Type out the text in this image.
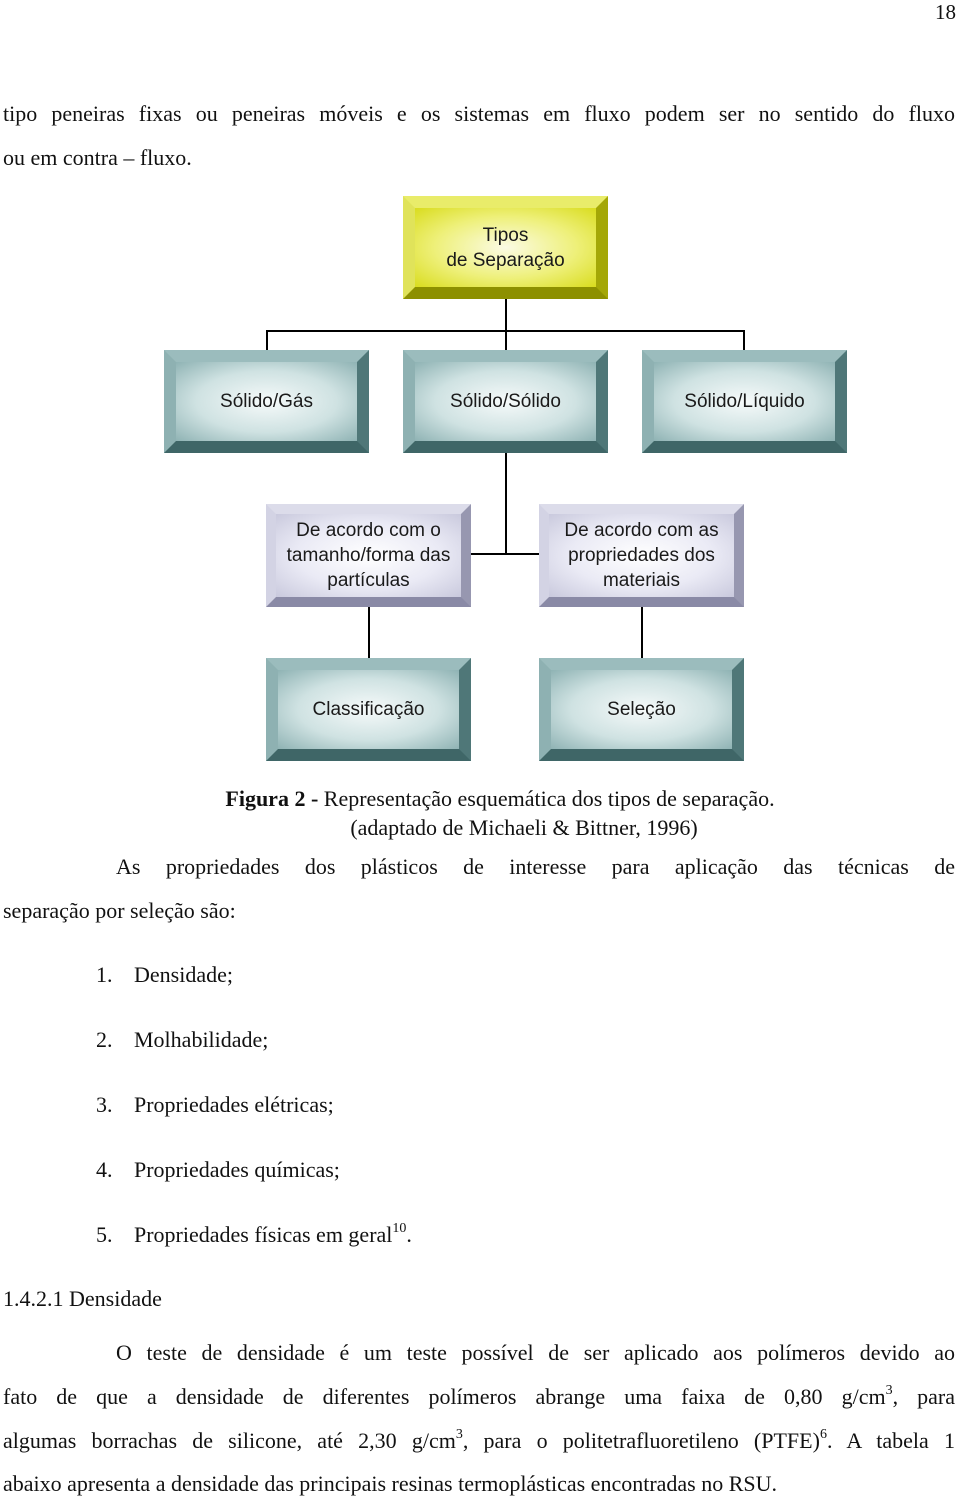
18
tipo peneiras fixas ou peneiras móveis e os sistemas em fluxo podem ser no sentido do fluxo
ou em contra – fluxo.
Tipos
de Separação
Sólido/Gás	Sólido/Sólido	Sólido/Líquido
De acordo com o
tamanho/forma das
partículas
De acordo com as
propriedades dos
materiais
Classificação	Seleção
Figura 2 - Representação esquemática dos tipos de separação.
(adaptado de Michaeli & Bittner, 1996)
As propriedades dos plásticos de interesse para aplicação das técnicas de
separação por seleção são:
1. Densidade;
2. Molhabilidade;
3. Propriedades elétricas;
4. Propriedades químicas;
5. Propriedades físicas em geral$^{10}$.
1.4.2.1 Densidade
O teste de densidade é um teste possível de ser aplicado aos polímeros devido ao
fato de que a densidade de diferentes polímeros abrange uma faixa de 0,80 $g/cm^3$, para
algumas borrachas de silicone, até 2,30 $g/cm^3$, para o politetrafluoretileno (PTFE)$^6$. A tabela 1
abaixo apresenta a densidade das principais resinas termoplásticas encontradas no RSU.
